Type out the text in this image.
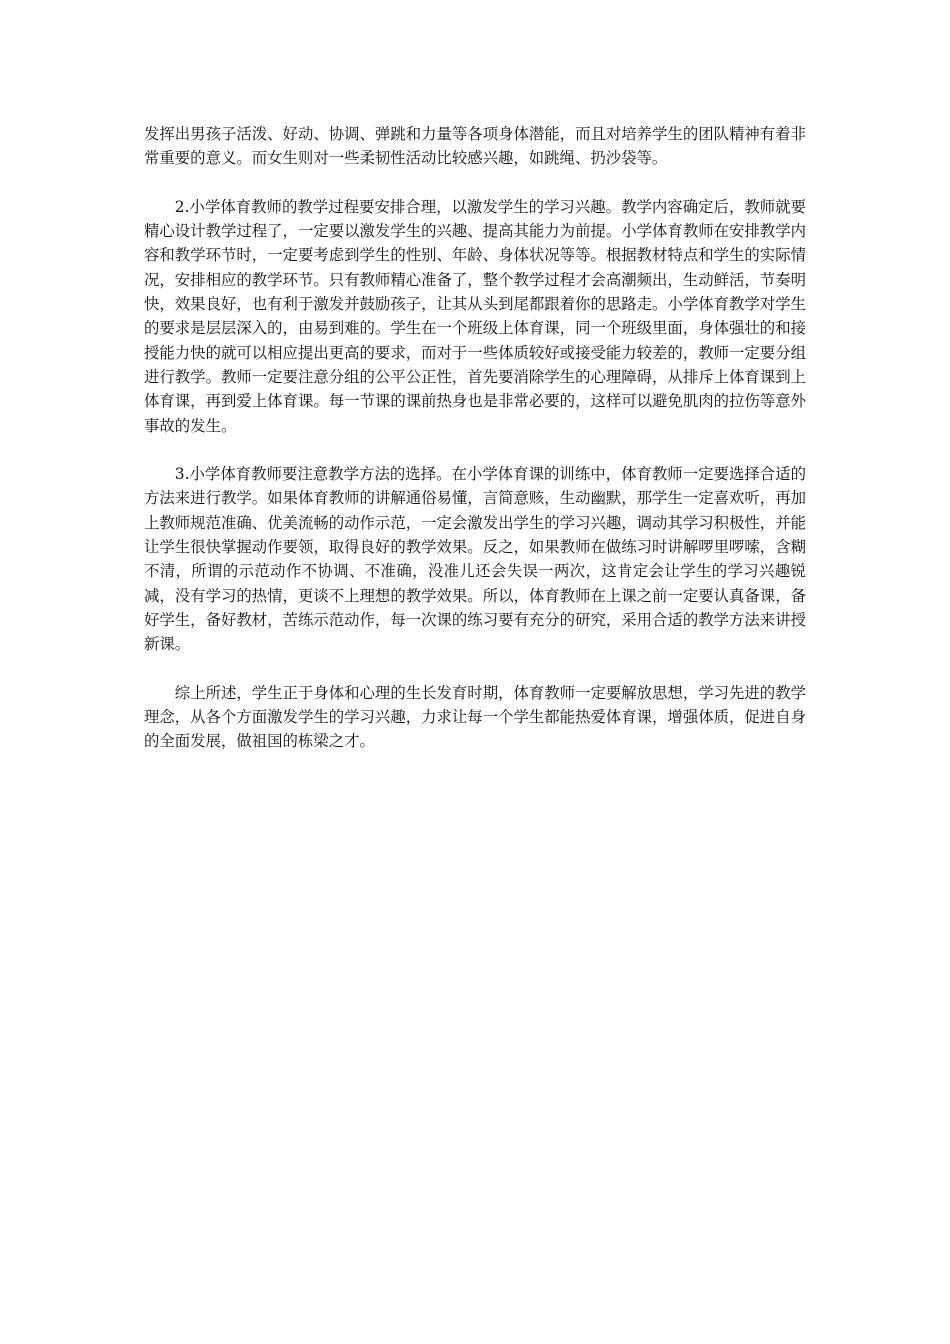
发挥出男孩子活泼、好动、协调、弹跳和力量等各项身体潜能，而且对培养学生的团队精神有着非常重要的意义。而女生则对一些柔韧性活动比较感兴趣，如跳绳、扔沙袋等。

2.小学体育教师的教学过程要安排合理，以激发学生的学习兴趣。教学内容确定后，教师就要精心设计教学过程了，一定要以激发学生的兴趣、提高其能力为前提。小学体育教师在安排教学内容和教学环节时，一定要考虑到学生的性别、年龄、身体状况等等。根据教材特点和学生的实际情况，安排相应的教学环节。只有教师精心准备了，整个教学过程才会高潮频出，生动鲜活，节奏明快，效果良好，也有利于激发并鼓励孩子，让其从头到尾都跟着你的思路走。小学体育教学对学生的要求是层层深入的，由易到难的。学生在一个班级上体育课，同一个班级里面，身体强壮的和接授能力快的就可以相应提出更高的要求，而对于一些体质较好或接受能力较差的，教师一定要分组进行教学。教师一定要注意分组的公平公正性，首先要消除学生的心理障碍，从排斥上体育课到上体育课，再到爱上体育课。每一节课的课前热身也是非常必要的，这样可以避免肌肉的拉伤等意外事故的发生。

3.小学体育教师要注意教学方法的选择。在小学体育课的训练中，体育教师一定要选择合适的方法来进行教学。如果体育教师的讲解通俗易懂，言简意赅，生动幽默，那学生一定喜欢听，再加上教师规范准确、优美流畅的动作示范，一定会激发出学生的学习兴趣，调动其学习积极性，并能让学生很快掌握动作要领，取得良好的教学效果。反之，如果教师在做练习时讲解啰里啰嗦，含糊不清，所谓的示范动作不协调、不准确，没准儿还会失误一两次，这肯定会让学生的学习兴趣锐减，没有学习的热情，更谈不上理想的教学效果。所以，体育教师在上课之前一定要认真备课，备好学生，备好教材，苦练示范动作，每一次课的练习要有充分的研究，采用合适的教学方法来讲授新课。

综上所述，学生正于身体和心理的生长发育时期，体育教师一定要解放思想，学习先进的教学理念，从各个方面激发学生的学习兴趣，力求让每一个学生都能热爱体育课，增强体质，促进自身的全面发展，做祖国的栋梁之才。
